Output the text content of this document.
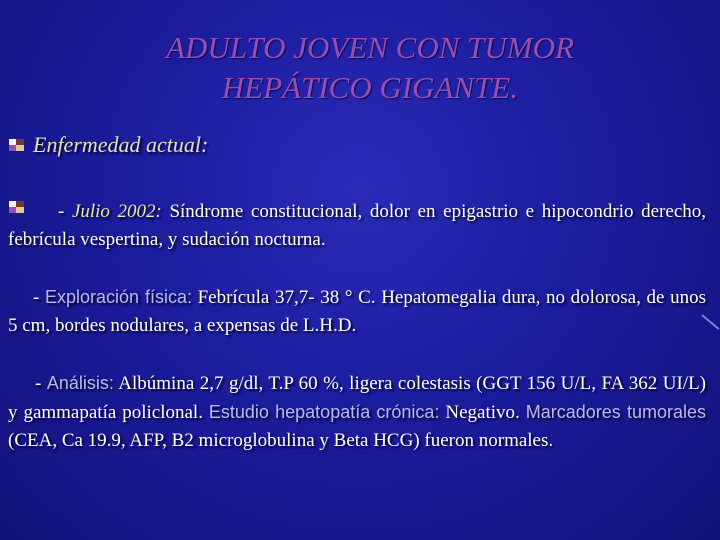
ADULTO JOVEN CON TUMOR
HEPÁTICO GIGANTE.
Enfermedad actual:
- Julio 2002: Síndrome constitucional, dolor en epigastrio e hipocondrio derecho, febrícula vespertina, y sudación nocturna.
- Exploración física: Febrícula 37,7- 38 ° C. Hepatomegalia dura, no dolorosa, de unos 5 cm, bordes nodulares, a expensas de L.H.D.
- Análisis: Albúmina 2,7 g/dl, T.P 60 %, ligera colestasis (GGT 156 U/L, FA 362 UI/L) y gammapatía policlonal. Estudio hepatopatía crónica: Negativo. Marcadores tumorales (CEA, Ca 19.9, AFP, B2 microglobulina y Beta HCG) fueron normales.
